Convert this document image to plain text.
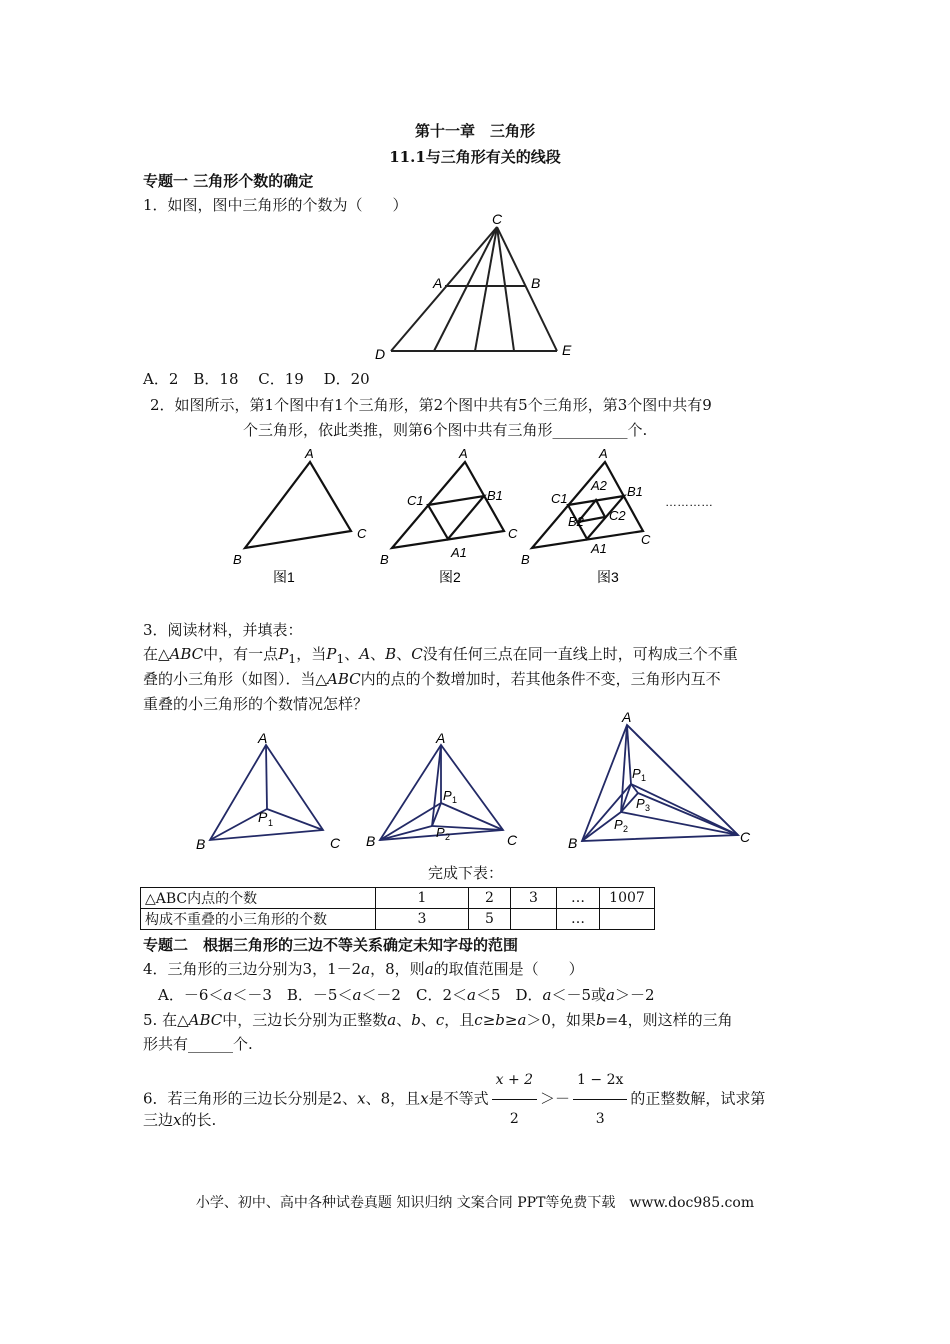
第十一章　三角形
11.1与三角形有关的线段
专题一 三角形个数的确定
1．如图，图中三角形的个数为（　　）
C
A	B
D	E
A．2　B．18　 C．19　 D．20
2．如图所示，第1个图中有1个三角形，第2个图中共有5个三角形，第3个图中共有9
个三角形，依此类推，则第6个图中共有三角形__________个.
A
B
C
图1
A
C1	B1
B
C
A1
图2
A
C1
A2 B1
B2 C2
B
C
A1
图3
…………
3．阅读材料，并填表：
在△ABC中，有一点$P_1$，当$P_1$、A、B、C没有任何三点在同一直线上时，可构成三个不重
叠的小三角形（如图）．当△ABC内的点的个数增加时，若其他条件不变，三角形内互不
重叠的小三角形的个数情况怎样？
A
B	C
P 1
A
B	C
P 1
P 2
A
B	C
P 1
P 3
P 2
完成下表：
△ABC内点的个数	1	2	3	…	1007
构成不重叠的小三角形的个数	3	5		…	
专题二　根据三角形的三边不等关系确定未知字母的范围
4．三角形的三边分别为3，1－2a，8，则a的取值范围是（　　）
A．－6＜a＜－3　B．－5＜a＜－2　C．2＜a＜5　D．a＜－5或a＞－2
5. 在△ABC中，三边长分别为正整数a、b、c，且c≥b≥a＞0，如果b=4，则这样的三角
形共有______个.
6．若三角形的三边长分别是2、x、8，且x是不等式 $\frac{x + 2}{2} >- \frac{1 - 2x}{3}$ 的正整数解，试求第
三边x的长.
小学、初中、高中各种试卷真题 知识归纳 文案合同 PPT等免费下载　www.doc985.com
